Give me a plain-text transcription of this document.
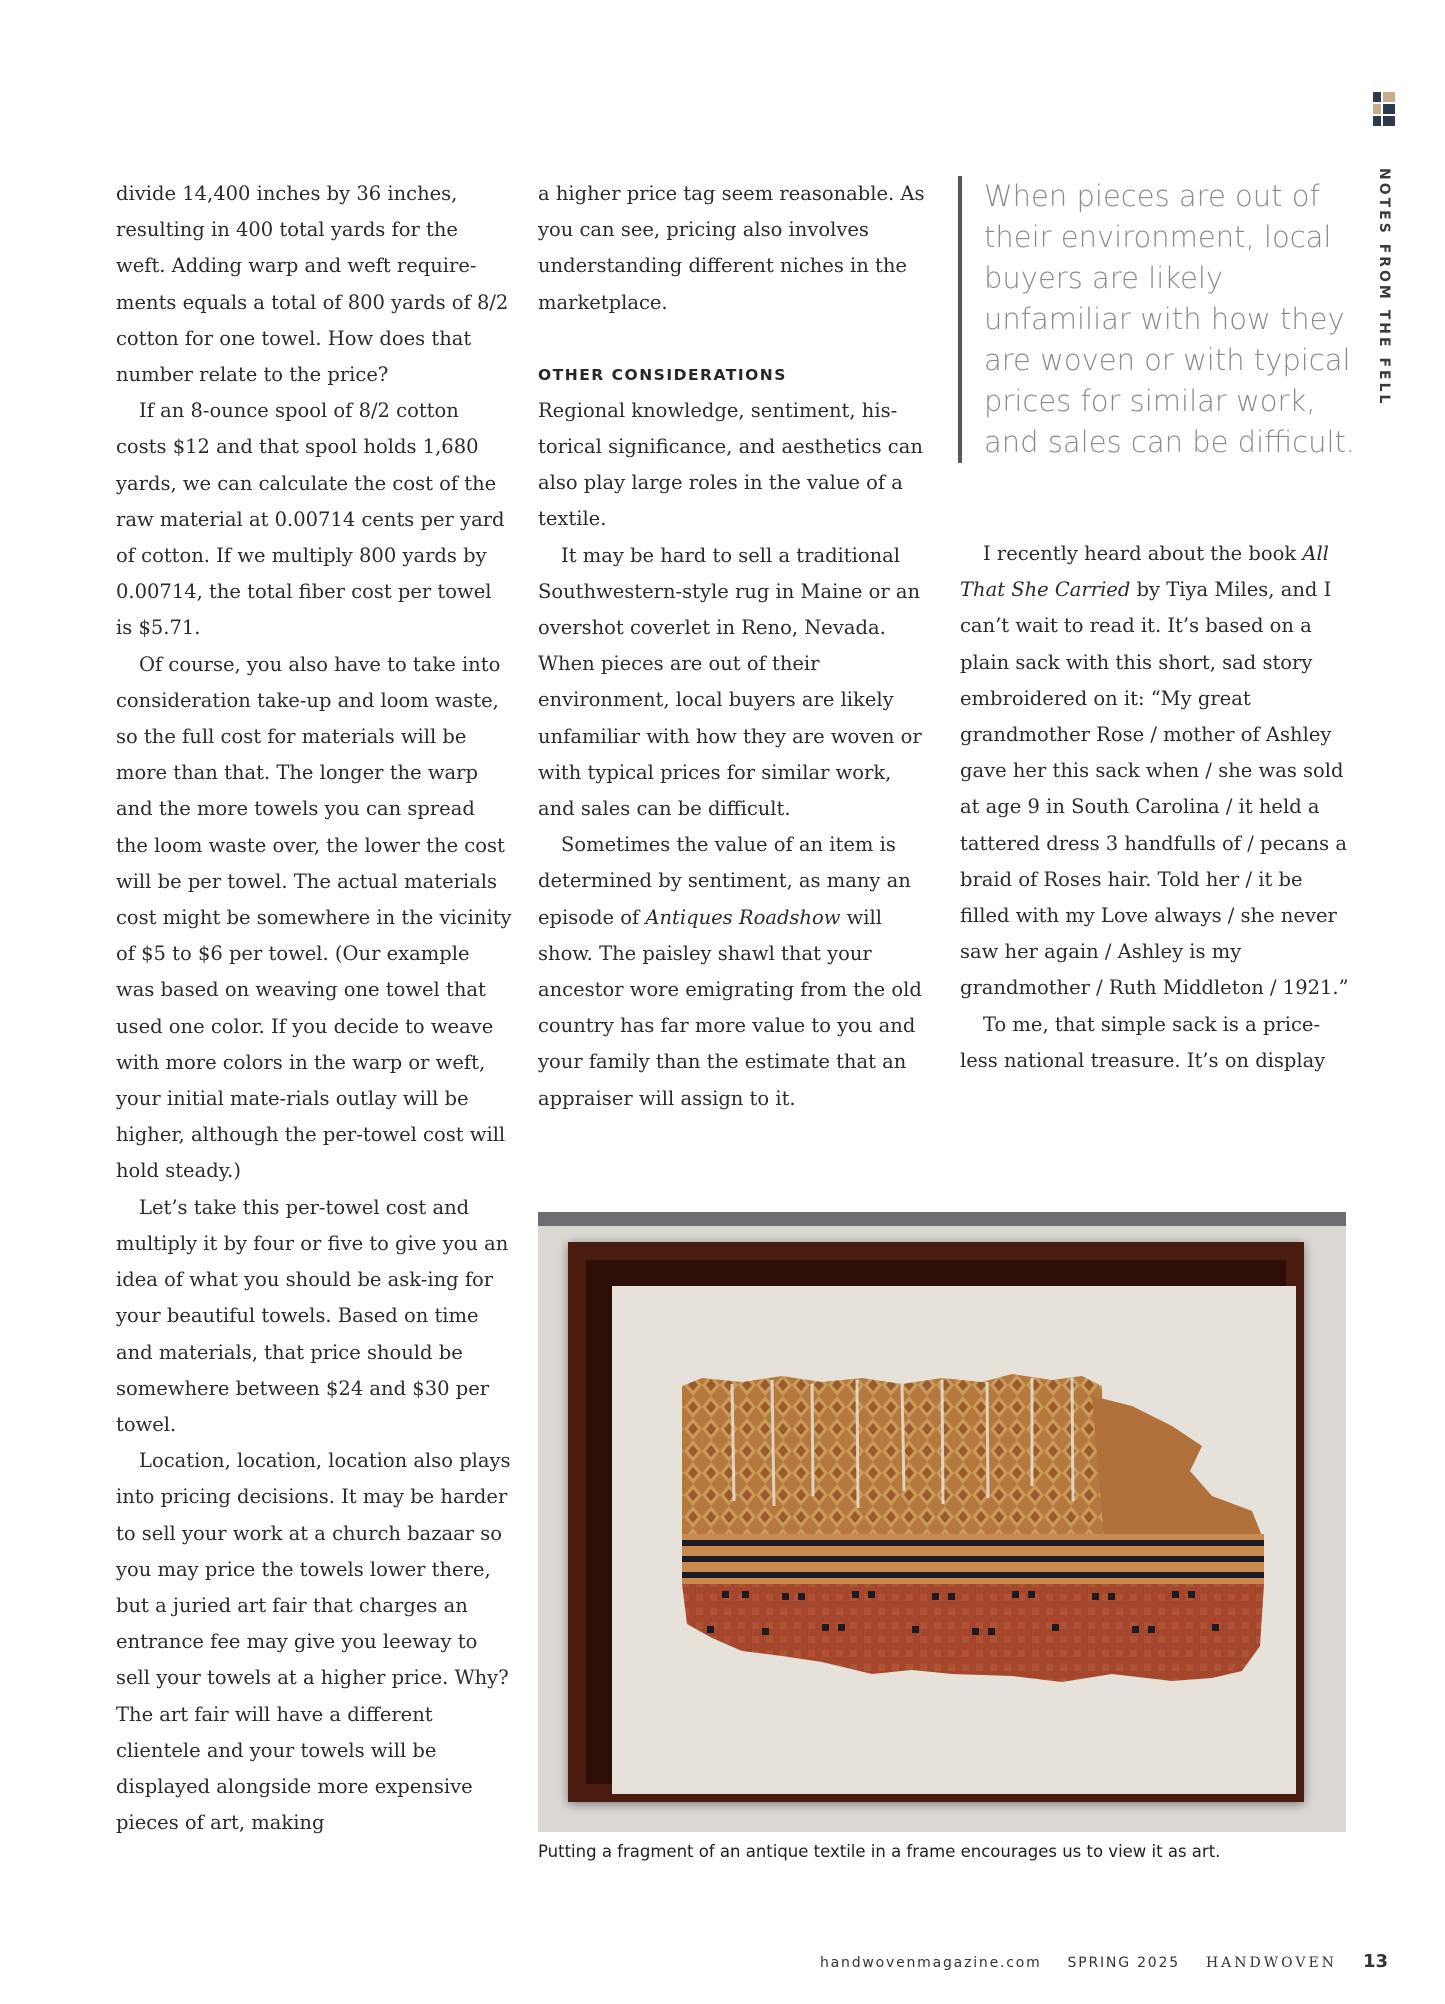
NOTES FROM THE FELL

divide 14,400 inches by 36 inches, resulting in 400 total yards for the weft. Adding warp and weft require-ments equals a total of 800 yards of 8/2 cotton for one towel. How does that number relate to the price?

If an 8-ounce spool of 8/2 cotton costs $12 and that spool holds 1,680 yards, we can calculate the cost of the raw material at 0.00714 cents per yard of cotton. If we multiply 800 yards by 0.00714, the total fiber cost per towel is $5.71.

Of course, you also have to take into consideration take-up and loom waste, so the full cost for materials will be more than that. The longer the warp and the more towels you can spread the loom waste over, the lower the cost will be per towel. The actual materials cost might be somewhere in the vicinity of $5 to $6 per towel. (Our example was based on weaving one towel that used one color. If you decide to weave with more colors in the warp or weft, your initial mate-rials outlay will be higher, although the per-towel cost will hold steady.)

Let’s take this per-towel cost and multiply it by four or five to give you an idea of what you should be ask-ing for your beautiful towels. Based on time and materials, that price should be somewhere between $24 and $30 per towel.

Location, location, location also plays into pricing decisions. It may be harder to sell your work at a church bazaar so you may price the towels lower there, but a juried art fair that charges an entrance fee may give you leeway to sell your towels at a higher price. Why? The art fair will have a different clientele and your towels will be displayed alongside more expensive pieces of art, making

a higher price tag seem reasonable. As you can see, pricing also involves understanding different niches in the marketplace.

OTHER CONSIDERATIONS

Regional knowledge, sentiment, his-torical significance, and aesthetics can also play large roles in the value of a textile.

It may be hard to sell a traditional Southwestern-style rug in Maine or an overshot coverlet in Reno, Nevada. When pieces are out of their environment, local buyers are likely unfamiliar with how they are woven or with typical prices for similar work, and sales can be difficult.

Sometimes the value of an item is determined by sentiment, as many an episode of Antiques Roadshow will show. The paisley shawl that your ancestor wore emigrating from the old country has far more value to you and your family than the estimate that an appraiser will assign to it.

When pieces are out of their environment, local buyers are likely unfamiliar with how they are woven or with typical prices for similar work, and sales can be difficult.

I recently heard about the book All That She Carried by Tiya Miles, and I can’t wait to read it. It’s based on a plain sack with this short, sad story embroidered on it: “My great grandmother Rose / mother of Ashley gave her this sack when / she was sold at age 9 in South Carolina / it held a tattered dress 3 handfulls of / pecans a braid of Roses hair. Told her / it be filled with my Love always / she never saw her again / Ashley is my grandmother / Ruth Middleton / 1921.”

To me, that simple sack is a price-less national treasure. It’s on display

Putting a fragment of an antique textile in a frame encourages us to view it as art.
handwovenmagazine.com SPRING 2025 HANDWOVEN 13
